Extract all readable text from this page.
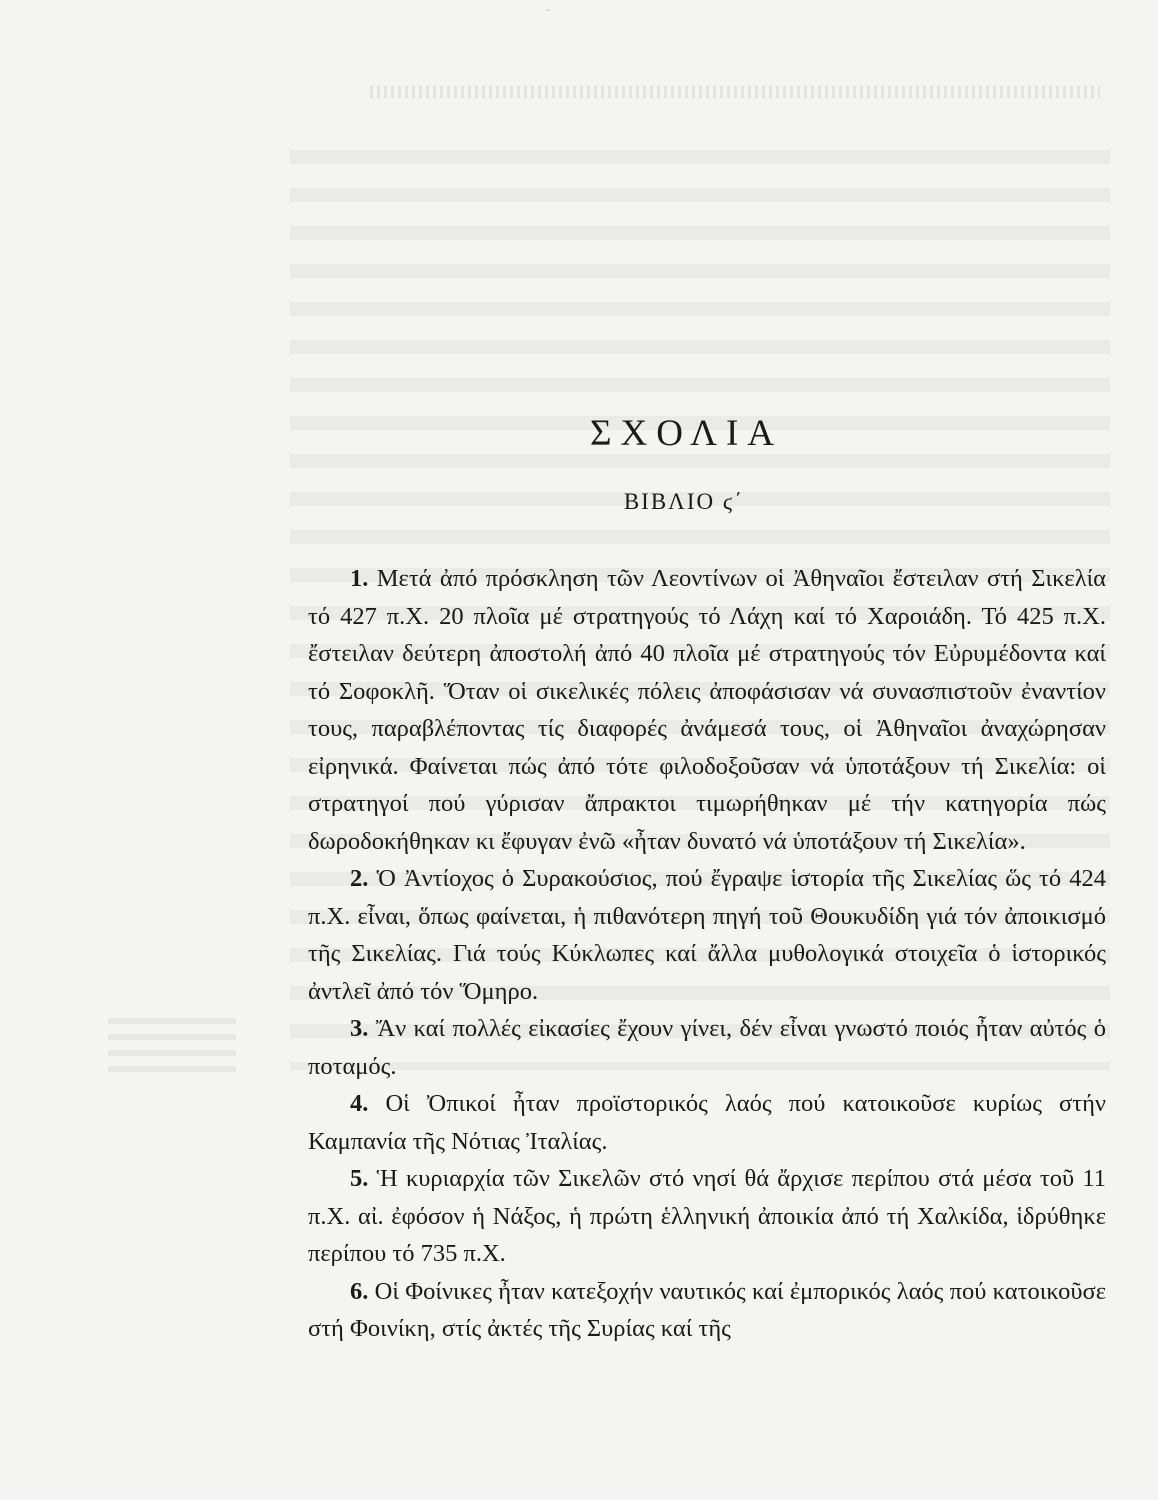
˘
ΣΧΟΛΙΑ
ΒΙΒΛΙΟ ϛ΄

1. Μετά ἀπό πρόσκληση τῶν Λεοντίνων οἱ Ἀθηναῖοι ἔστειλαν στή Σικελία τό 427 π.Χ. 20 πλοῖα μέ στρατηγούς τό Λάχη καί τό Χαροιάδη. Τό 425 π.Χ. ἔστειλαν δεύτερη ἀποστολή ἀπό 40 πλοῖα μέ στρατηγούς τόν Εὐρυμέδοντα καί τό Σοφοκλῆ. Ὅταν οἱ σικελικές πόλεις ἀποφάσισαν νά συνασπιστοῦν ἐναντίον τους, παραβλέποντας τίς διαφορές ἀνάμεσά τους, οἱ Ἀθηναῖοι ἀναχώρησαν εἰρηνικά. Φαίνεται πώς ἀπό τότε φιλοδοξοῦσαν νά ὑποτάξουν τή Σικελία: οἱ στρατηγοί πού γύρισαν ἄπρακτοι τιμωρήθηκαν μέ τήν κατηγορία πώς δωροδοκήθηκαν κι ἔφυγαν ἐνῶ «ἦταν δυνατό νά ὑποτάξουν τή Σικελία».

2. Ὁ Ἀντίοχος ὁ Συρακούσιος, πού ἔγραψε ἱστορία τῆς Σικελίας ὥς τό 424 π.Χ. εἶναι, ὅπως φαίνεται, ἡ πιθανότερη πηγή τοῦ Θουκυδίδη γιά τόν ἀποικισμό τῆς Σικελίας. Γιά τούς Κύκλωπες καί ἄλλα μυθολογικά στοιχεῖα ὁ ἱστορικός ἀντλεῖ ἀπό τόν Ὅμηρο.

3. Ἄν καί πολλές εἰκασίες ἔχουν γίνει, δέν εἶναι γνωστό ποιός ἦταν αὐτός ὁ ποταμός.

4. Οἱ Ὀπικοί ἦταν προϊστορικός λαός πού κατοικοῦσε κυρίως στήν Καμπανία τῆς Νότιας Ἰταλίας.

5. Ἡ κυριαρχία τῶν Σικελῶν στό νησί θά ἄρχισε περίπου στά μέσα τοῦ 11 π.Χ. αἰ. ἐφόσον ἡ Νάξος, ἡ πρώτη ἑλληνική ἀποικία ἀπό τή Χαλκίδα, ἱδρύθηκε περίπου τό 735 π.Χ.

6. Οἱ Φοίνικες ἦταν κατεξοχήν ναυτικός καί ἐμπορικός λαός πού κατοικοῦσε στή Φοινίκη, στίς ἀκτές τῆς Συρίας καί τῆς
